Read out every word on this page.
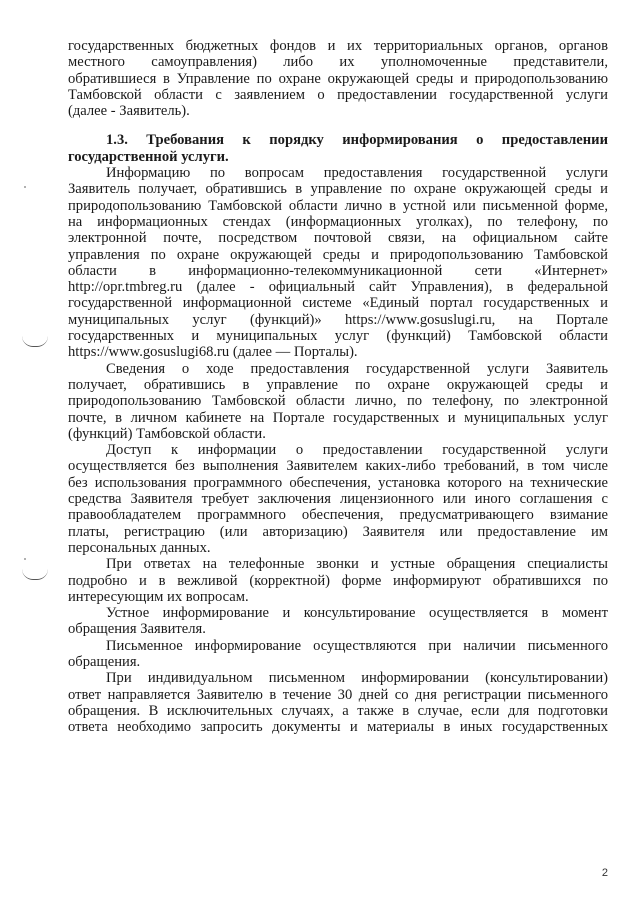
государственных бюджетных фондов и их территориальных органов, органов
местного самоуправления) либо их уполномоченные представители,
обратившиеся в Управление по охране окружающей среды и природопользованию
Тамбовской области с заявлением о предоставлении государственной услуги
(далее - Заявитель).
1.3. Требования к порядку информирования о предоставлении
государственной услуги.
Информацию по вопросам предоставления государственной услуги
Заявитель получает, обратившись в управление по охране окружающей среды и
природопользованию Тамбовской области лично в устной или письменной форме,
на информационных стендах (информационных уголках), по телефону, по
электронной почте, посредством почтовой связи, на официальном сайте
управления по охране окружающей среды и природопользованию Тамбовской
области в информационно-телекоммуникационной сети «Интернет»
http://opr.tmbreg.ru (далее - официальный сайт Управления), в федеральной
государственной информационной системе «Единый портал государственных и
муниципальных услуг (функций)» https://www.gosuslugi.ru, на Портале
государственных и муниципальных услуг (функций) Тамбовской области
https://www.gosuslugi68.ru (далее — Порталы).
Сведения о ходе предоставления государственной услуги Заявитель
получает, обратившись в управление по охране окружающей среды и
природопользованию Тамбовской области лично, по телефону, по электронной
почте, в личном кабинете на Портале государственных и муниципальных услуг
(функций) Тамбовской области.
Доступ к информации о предоставлении государственной услуги
осуществляется без выполнения Заявителем каких-либо требований, в том числе
без использования программного обеспечения, установка которого на технические
средства Заявителя требует заключения лицензионного или иного соглашения с
правообладателем программного обеспечения, предусматривающего взимание
платы, регистрацию (или авторизацию) Заявителя или предоставление им
персональных данных.
При ответах на телефонные звонки и устные обращения специалисты
подробно и в вежливой (корректной) форме информируют обратившихся по
интересующим их вопросам.
Устное информирование и консультирование осуществляется в момент
обращения Заявителя.
Письменное информирование осуществляются при наличии письменного
обращения.
При индивидуальном письменном информировании (консультировании)
ответ направляется Заявителю в течение 30 дней со дня регистрации письменного
обращения. В исключительных случаях, а также в случае, если для подготовки
ответа необходимо запросить документы и материалы в иных государственных
2
